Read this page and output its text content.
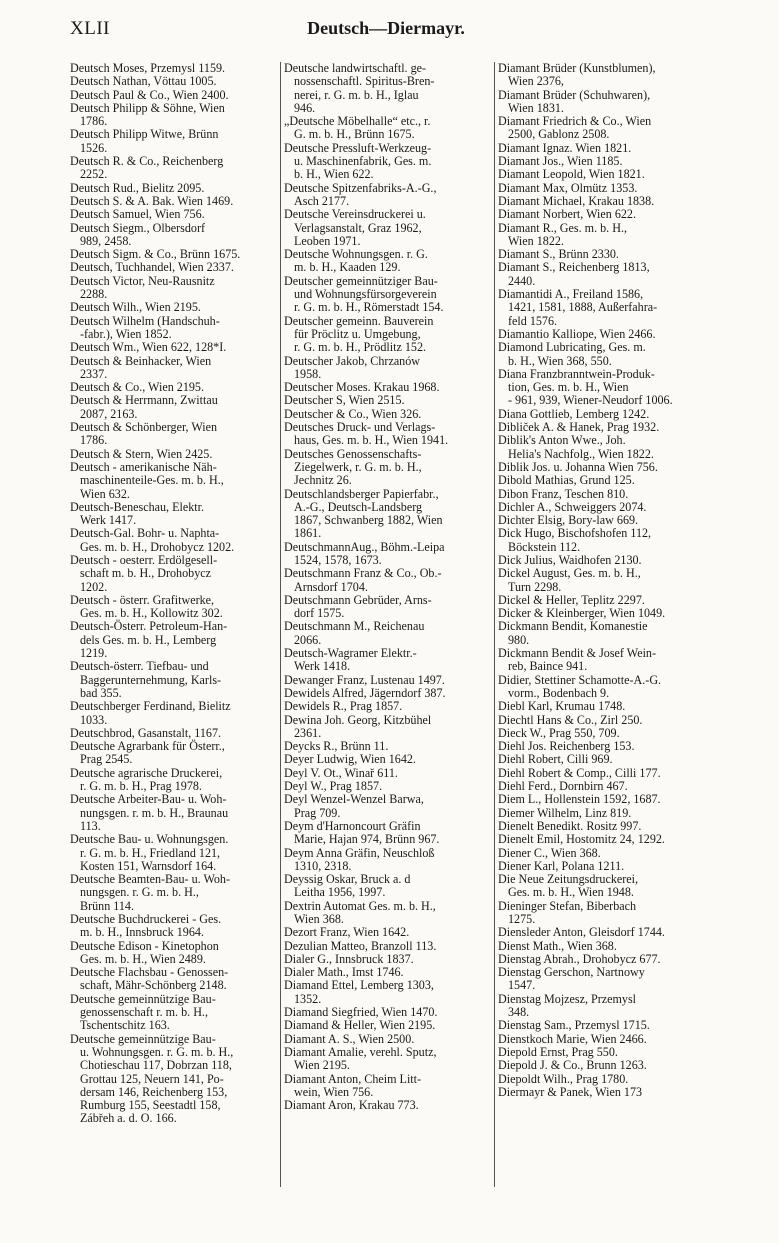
XLII	Deutsch—Diermayr.
Deutsch Moses, Przemysl 1159.
Deutsch Nathan, Vöttau 1005.
Deutsch Paul & Co., Wien 2400.
Deutsch Philipp & Söhne, Wien
1786.
Deutsch Philipp Witwe, Brünn
1526.
Deutsch R. & Co., Reichenberg
2252.
Deutsch Rud., Bielitz 2095.
Deutsch S. & A. Bak. Wien 1469.
Deutsch Samuel, Wien 756.
Deutsch Siegm., Olbersdorf
989, 2458.
Deutsch Sigm. & Co., Brünn 1675.
Deutsch, Tuchhandel, Wien 2337.
Deutsch Victor, Neu-Rausnitz
2288.
Deutsch Wilh., Wien 2195.
Deutsch Wilhelm (Handschuh-
-fabr.), Wien 1852.
Deutsch Wm., Wien 622, 128*I.
Deutsch & Beinhacker, Wien
2337.
Deutsch & Co., Wien 2195.
Deutsch & Herrmann, Zwittau
2087, 2163.
Deutsch & Schönberger, Wien
1786.
Deutsch & Stern, Wien 2425.
Deutsch - amerikanische Näh-
maschinenteile-Ges. m. b. H.,
Wien 632.
Deutsch-Beneschau, Elektr.
Werk 1417.
Deutsch-Gal. Bohr- u. Naphta-
Ges. m. b. H., Drohobycz 1202.
Deutsch - oesterr. Erdölgesell-
schaft m. b. H., Drohobycz
1202.
Deutsch - österr. Grafitwerke,
Ges. m. b. H., Kollowitz 302.
Deutsch-Österr. Petroleum-Han-
dels Ges. m. b. H., Lemberg
1219.
Deutsch-österr. Tiefbau- und
Baggerunternehmung, Karls-
bad 355.
Deutschberger Ferdinand, Bielitz
1033.
Deutschbrod, Gasanstalt, 1167.
Deutsche Agrarbank für Österr.,
Prag 2545.
Deutsche agrarische Druckerei,
r. G. m. b. H., Prag 1978.
Deutsche Arbeiter-Bau- u. Woh-
nungsgen. r. m. b. H., Braunau
113.
Deutsche Bau- u. Wohnungsgen.
r. G. m. b. H., Friedland 121,
Kosten 151, Warnsdorf 164.
Deutsche Beamten-Bau- u. Woh-
nungsgen. r. G. m. b. H.,
Brünn 114.
Deutsche Buchdruckerei - Ges.
m. b. H., Innsbruck 1964.
Deutsche Edison - Kinetophon
Ges. m. b. H., Wien 2489.
Deutsche Flachsbau - Genossen-
schaft, Mähr-Schönberg 2148.
Deutsche gemeinnützige Bau-
genossenschaft r. m. b. H.,
Tschentschitz 163.
Deutsche gemeinnützige Bau-
u. Wohnungsgen. r. G. m. b. H.,
Chotieschau 117, Dobrzan 118,
Grottau 125, Neuern 141, Po-
dersam 146, Reichenberg 153,
Rumburg 155, Seestadtl 158,
Zábřeh a. d. O. 166.
Deutsche landwirtschaftl. ge-
nossenschaftl. Spiritus-Bren-
nerei, r. G. m. b. H., Iglau
946.
„Deutsche Möbelhalle“ etc., r.
G. m. b. H., Brünn 1675.
Deutsche Pressluft-Werkzeug-
u. Maschinenfabrik, Ges. m.
b. H., Wien 622.
Deutsche Spitzenfabriks-A.-G.,
Asch 2177.
Deutsche Vereinsdruckerei u.
Verlagsanstalt, Graz 1962,
Leoben 1971.
Deutsche Wohnungsgen. r. G.
m. b. H., Kaaden 129.
Deutscher gemeinnütziger Bau-
und Wohnungsfürsorgeverein
r. G. m. b. H., Römerstadt 154.
Deutscher gemeinn. Bauverein
für Pröclitz u. Umgebung,
r. G. m. b. H., Prödlitz 152.
Deutscher Jakob, Chrzanów
1958.
Deutscher Moses. Krakau 1968.
Deutscher S, Wien 2515.
Deutscher & Co., Wien 326.
Deutsches Druck- und Verlags-
haus, Ges. m. b. H., Wien 1941.
Deutsches Genossenschafts-
Ziegelwerk, r. G. m. b. H.,
Jechnitz 26.
Deutschlandsberger Papierfabr.,
A.-G., Deutsch-Landsberg
1867, Schwanberg 1882, Wien
1861.
DeutschmannAug., Böhm.-Leipa
1524, 1578, 1673.
Deutschmann Franz & Co., Ob.-
Arnsdorf 1704.
Deutschmann Gebrüder, Arns-
dorf 1575.
Deutschmann M., Reichenau
2066.
Deutsch-Wagramer Elektr.-
Werk 1418.
Dewanger Franz, Lustenau 1497.
Dewidels Alfred, Jägerndorf 387.
Dewidels R., Prag 1857.
Dewina Joh. Georg, Kitzbühel
2361.
Deycks R., Brünn 11.
Deyer Ludwig, Wien 1642.
Deyl V. Ot., Winař 611.
Deyl W., Prag 1857.
Deyl Wenzel-Wenzel Barwa,
Prag 709.
Deym d'Harnoncourt Gräfin
Marie, Hajan 974, Brünn 967.
Deym Anna Gräfin, Neuschloß
1310, 2318.
Deyssig Oskar, Bruck a. d
Leitha 1956, 1997.
Dextrin Automat Ges. m. b. H.,
Wien 368.
Dezort Franz, Wien 1642.
Dezulian Matteo, Branzoll 113.
Dialer G., Innsbruck 1837.
Dialer Math., Imst 1746.
Diamand Ettel, Lemberg 1303,
1352.
Diamand Siegfried, Wien 1470.
Diamand & Heller, Wien 2195.
Diamant A. S., Wien 2500.
Diamant Amalie, verehl. Sputz,
Wien 2195.
Diamant Anton, Cheim Litt-
wein, Wien 756.
Diamant Aron, Krakau 773.
Diamant Brüder (Kunstblumen),
Wien 2376,
Diamant Brüder (Schuhwaren),
Wien 1831.
Diamant Friedrich & Co., Wien
2500, Gablonz 2508.
Diamant Ignaz. Wien 1821.
Diamant Jos., Wien 1185.
Diamant Leopold, Wien 1821.
Diamant Max, Olmütz 1353.
Diamant Michael, Krakau 1838.
Diamant Norbert, Wien 622.
Diamant R., Ges. m. b. H.,
Wien 1822.
Diamant S., Brünn 2330.
Diamant S., Reichenberg 1813,
2440.
Diamantidi A., Freiland 1586,
1421, 1581, 1888, Außerfahra-
feld 1576.
Diamantio Kalliope, Wien 2466.
Diamond Lubricating, Ges. m.
b. H., Wien 368, 550.
Diana Franzbranntwein-Produk-
tion, Ges. m. b. H., Wien
- 961, 939, Wiener-Neudorf 1006.
Diana Gottlieb, Lemberg 1242.
Dibliček A. & Hanek, Prag 1932.
Diblik's Anton Wwe., Joh.
Heliа's Nachfolg., Wien 1822.
Diblik Jos. u. Johanna Wien 756.
Dibold Mathias, Grund 125.
Dibon Franz, Teschen 810.
Dichler A., Schweiggers 2074.
Dichter Elsig, Bory-law 669.
Dick Hugo, Bischofshofen 112,
Böckstein 112.
Dick Julius, Waidhofen 2130.
Dickel August, Ges. m. b. H.,
Turn 2298.
Dickel & Heller, Teplitz 2297.
Dicker & Kleinberger, Wien 1049.
Dickmann Bendit, Komanestie
980.
Dickmann Bendit & Josef Wein-
reb, Baince 941.
Didier, Stettiner Schamotte-A.-G.
vorm., Bodenbach 9.
Diebl Karl, Krumau 1748.
Diechtl Hans & Co., Zirl 250.
Dieck W., Prag 550, 709.
Diehl Jos. Reichenberg 153.
Diehl Robert, Cilli 969.
Diehl Robert & Comp., Cilli 177.
Diehl Ferd., Dornbirn 467.
Diem L., Hollenstein 1592, 1687.
Diemer Wilhelm, Linz 819.
Dienelt Benedikt. Rositz 997.
Dienelt Emil, Hostomitz 24, 1292.
Diener C., Wien 368.
Diener Karl, Polana 1211.
Die Neue Zeitungsdruckerei,
Ges. m. b. H., Wien 1948.
Dieninger Stefan, Biberbach
1275.
Diensleder Anton, Gleisdorf 1744.
Dienst Math., Wien 368.
Dienstag Abrah., Drohobycz 677.
Dienstag Gerschon, Nartnowy
1547.
Dienstag Mojzesz, Przemysl
348.
Dienstag Sam., Przemysl 1715.
Dienstkoch Marie, Wien 2466.
Diepold Ernst, Prag 550.
Diepold J. & Co., Brunn 1263.
Diepoldt Wilh., Prag 1780.
Diermayr & Panek, Wien 173
